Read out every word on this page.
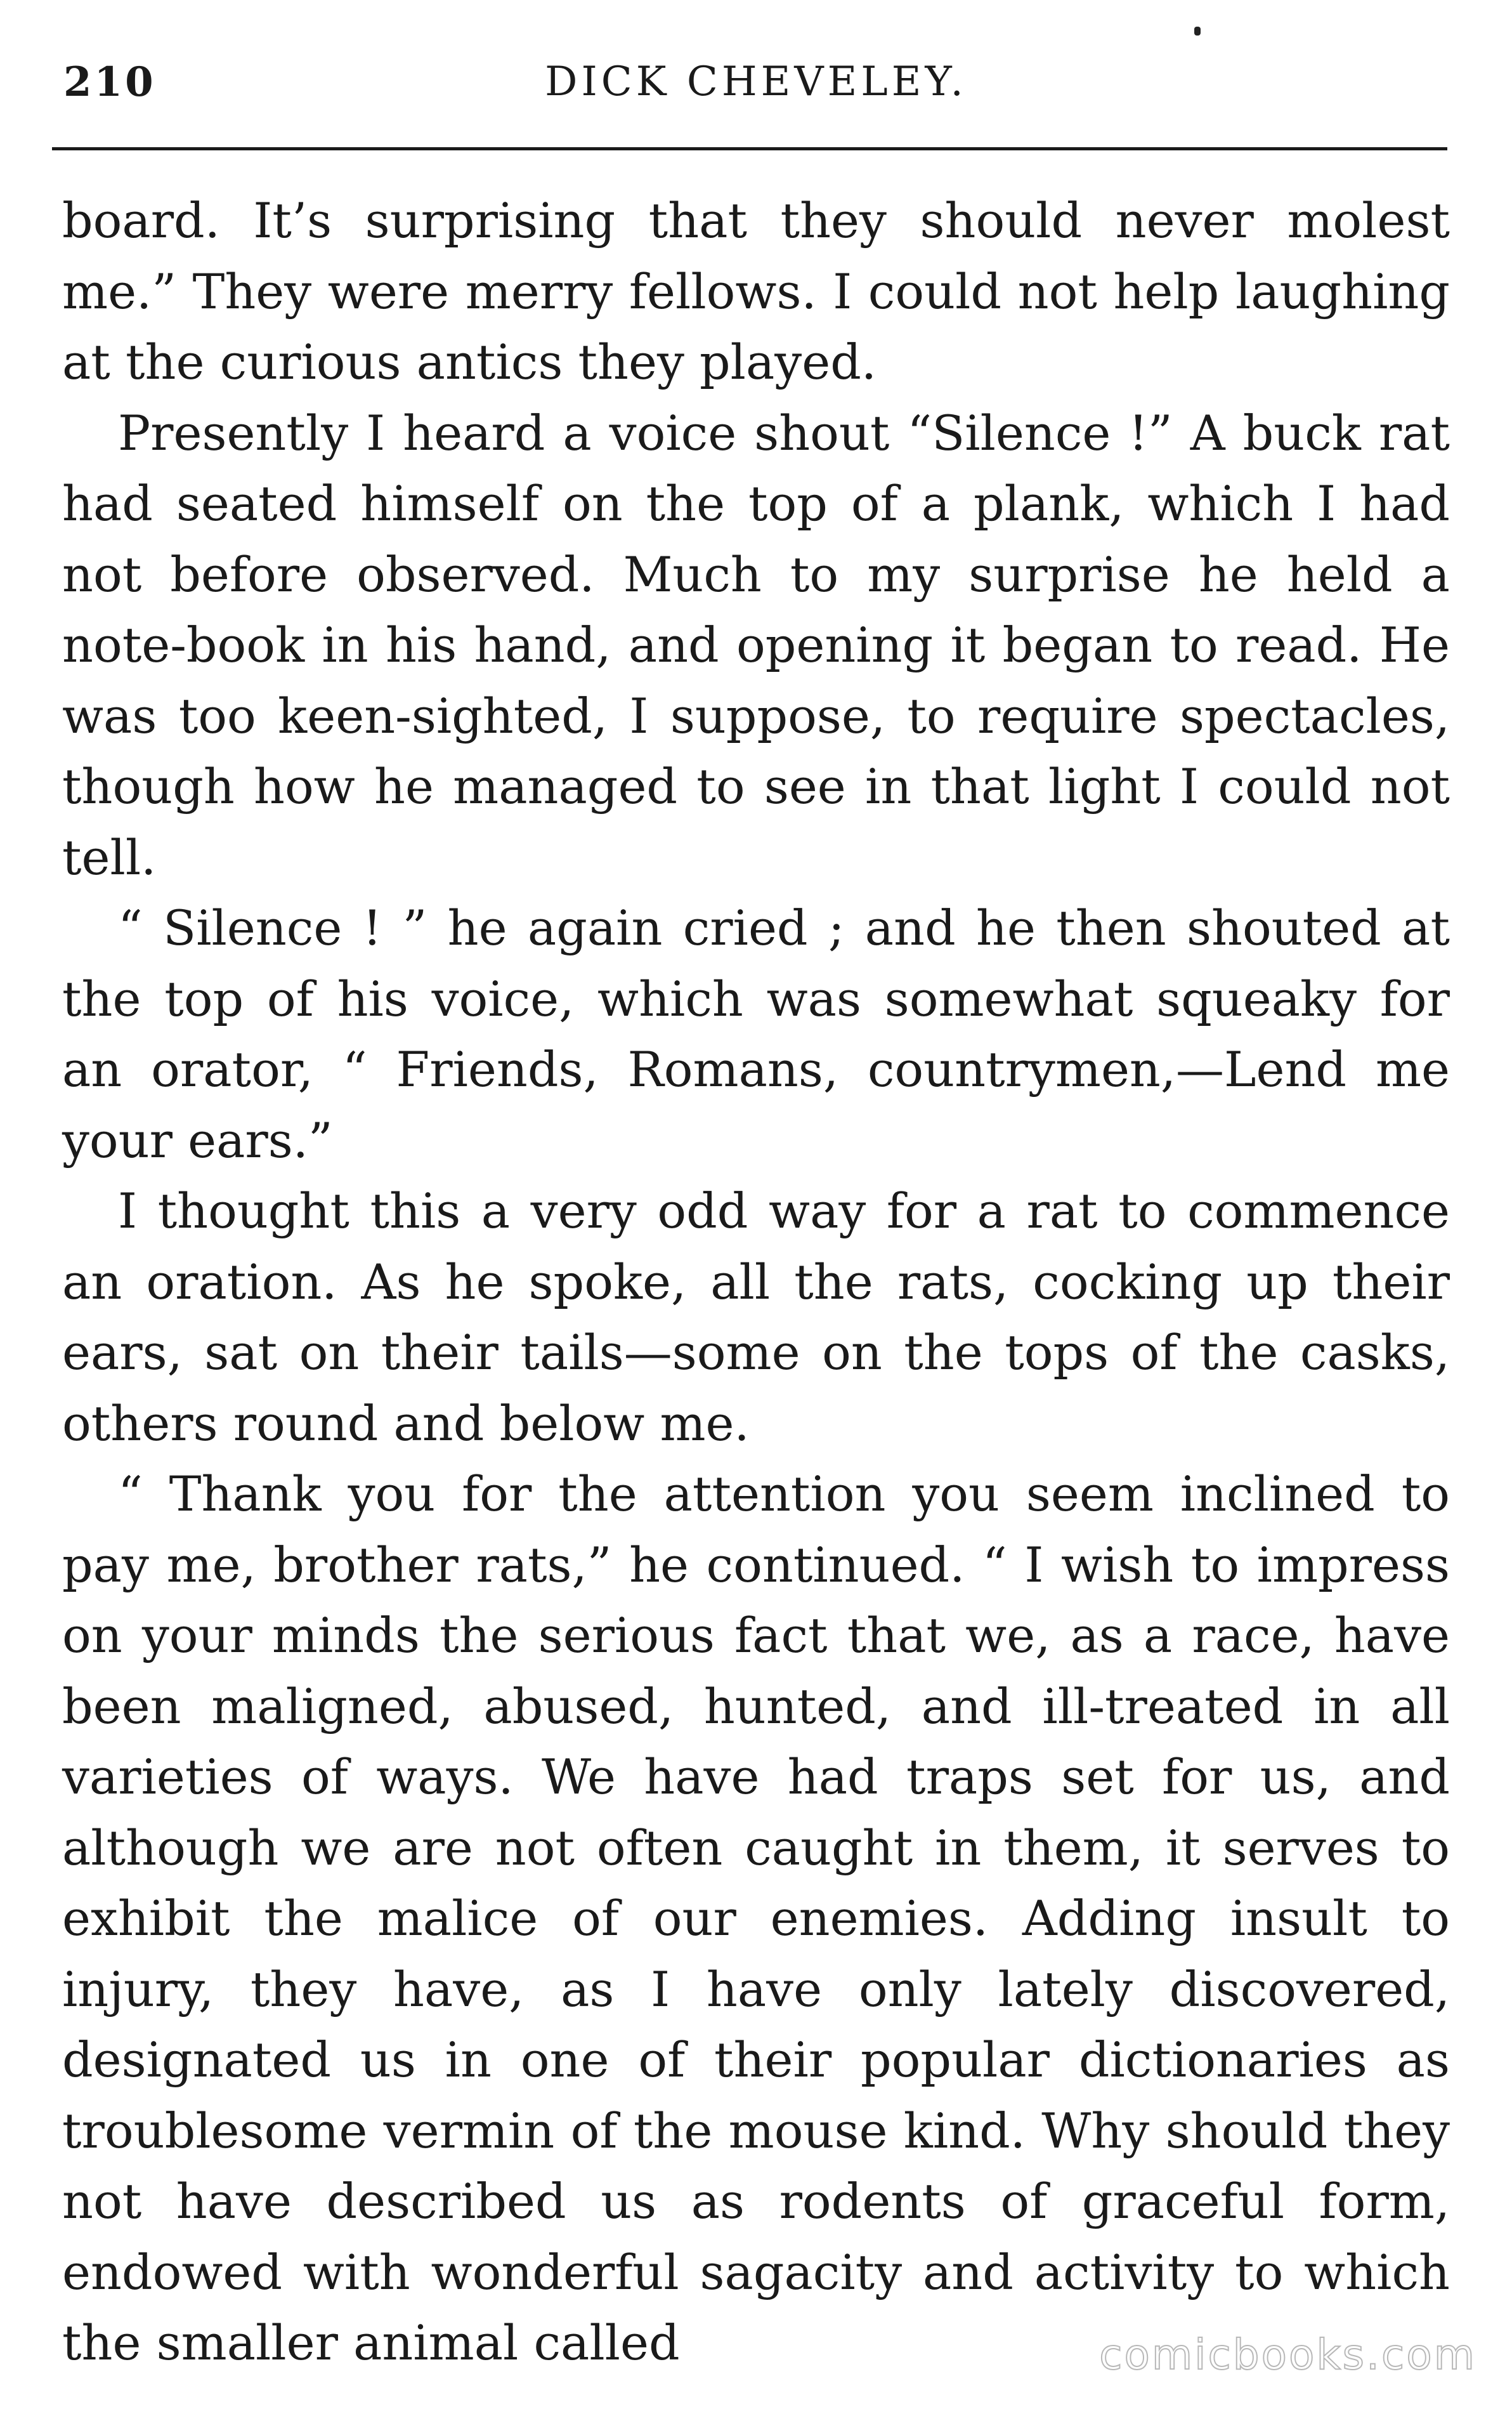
210	DICK CHEVELEY.

board. It’s surprising that they should never molest me.” They were merry fellows. I could not help laughing at the curious antics they played.

Presently I heard a voice shout “Silence !” A buck rat had seated himself on the top of a plank, which I had not before observed. Much to my surprise he held a note-book in his hand, and opening it began to read. He was too keen-sighted, I suppose, to require spectacles, though how he managed to see in that light I could not tell.

“ Silence ! ” he again cried ; and he then shouted at the top of his voice, which was somewhat squeaky for an orator, “ Friends, Romans, countrymen,—Lend me your ears.”

I thought this a very odd way for a rat to commence an oration. As he spoke, all the rats, cocking up their ears, sat on their tails—some on the tops of the casks, others round and below me.

“ Thank you for the attention you seem inclined to pay me, brother rats,” he continued. “ I wish to impress on your minds the serious fact that we, as a race, have been maligned, abused, hunted, and ill-treated in all varieties of ways. We have had traps set for us, and although we are not often caught in them, it serves to exhibit the malice of our enemies. Adding insult to injury, they have, as I have only lately discovered, designated us in one of their popular dictionaries as troublesome vermin of the mouse kind. Why should they not have described us as rodents of graceful form, endowed with wonderful sagacity and activity to which the smaller animal called	comicbooks.com
